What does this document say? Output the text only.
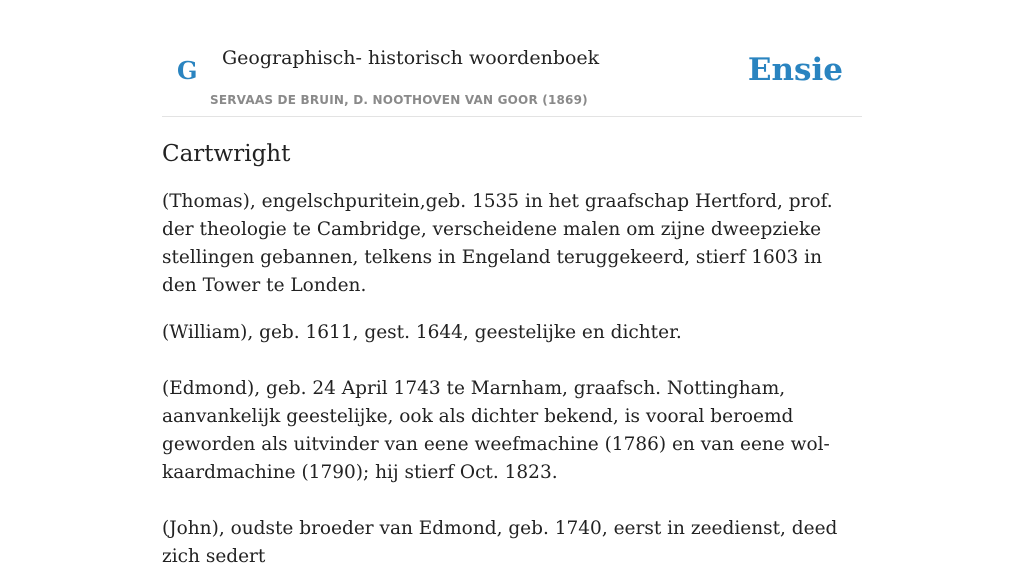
G Geographisch- historisch woordenboek
SERVAAS DE BRUIN, D. NOOTHOVEN VAN GOOR (1869)
Ensie
Cartwright

(Thomas), engelschpuritein,geb. 1535 in het graafschap Hertford, prof. der theologie te Cambridge, verscheidene malen om zijne dweepzieke stellingen gebannen, telkens in Engeland teruggekeerd, stierf 1603 in den Tower te Londen.

(William), geb. 1611, gest. 1644, geestelijke en dichter.

(Edmond), geb. 24 April 1743 te Marnham, graafsch. Nottingham, aanvankelijk geestelijke, ook als dichter bekend, is vooral beroemd geworden als uitvinder van eene weefmachine (1786) en van eene wol-kaardmachine (1790); hij stierf Oct. 1823.

(John), oudste broeder van Edmond, geb. 1740, eerst in zeedienst, deed zich sedert
